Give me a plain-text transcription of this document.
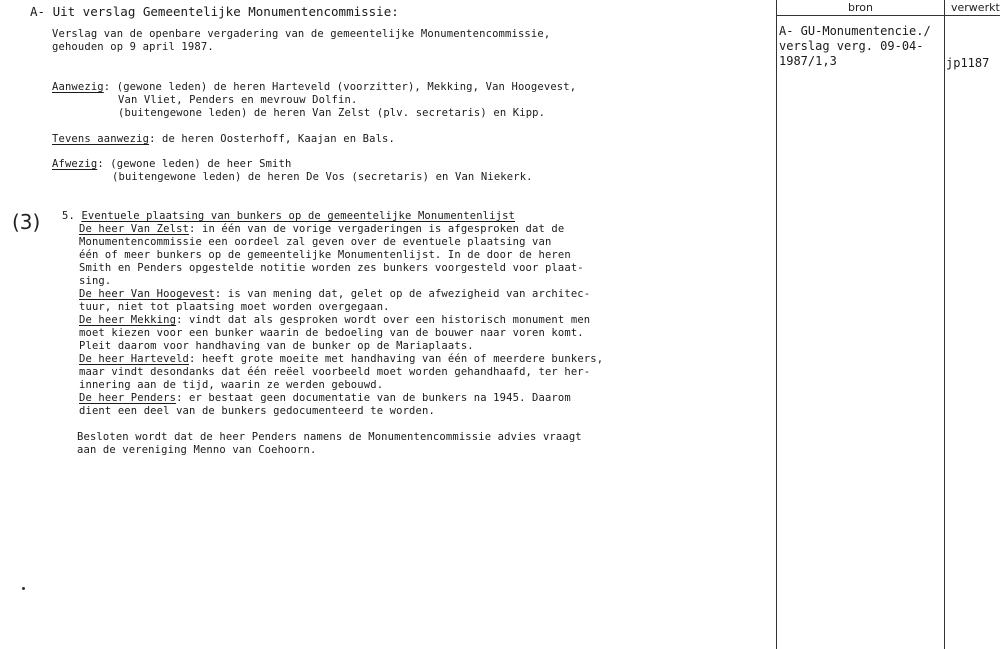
A- Uit verslag Gemeentelijke Monumentencommissie:
Verslag van de openbare vergadering van de gemeentelijke Monumentencommissie,
gehouden op 9 april 1987.
Aanwezig: (gewone leden) de heren Harteveld (voorzitter), Mekking, Van Hoogevest,
Van Vliet, Penders en mevrouw Dolfin.
(buitengewone leden) de heren Van Zelst (plv. secretaris) en Kipp.
Tevens aanwezig: de heren Oosterhoff, Kaajan en Bals.
Afwezig: (gewone leden) de heer Smith
(buitengewone leden) de heren De Vos (secretaris) en Van Niekerk.
(3) 5. Eventuele plaatsing van bunkers op de gemeentelijke Monumentenlijst
De heer Van Zelst: in één van de vorige vergaderingen is afgesproken dat de
Monumentencommissie een oordeel zal geven over de eventuele plaatsing van
één of meer bunkers op de gemeentelijke Monumentenlijst. In de door de heren
Smith en Penders opgestelde notitie worden zes bunkers voorgesteld voor plaat-
sing.
De heer Van Hoogevest: is van mening dat, gelet op de afwezigheid van architec-
tuur, niet tot plaatsing moet worden overgegaan.
De heer Mekking: vindt dat als gesproken wordt over een historisch monument men
moet kiezen voor een bunker waarin de bedoeling van de bouwer naar voren komt.
Pleit daarom voor handhaving van de bunker op de Mariaplaats.
De heer Harteveld: heeft grote moeite met handhaving van één of meerdere bunkers,
maar vindt desondanks dat één reëel voorbeeld moet worden gehandhaafd, ter her-
innering aan de tijd, waarin ze werden gebouwd.
De heer Penders: er bestaat geen documentatie van de bunkers na 1945. Daarom
dient een deel van de bunkers gedocumenteerd te worden.
Besloten wordt dat de heer Penders namens de Monumentencommissie advies vraagt
aan de vereniging Menno van Coehoorn.
bron	verwerkt
A- GU-Monumentencie./
verslag verg. 09-04-
1987/1,3	jp1187
